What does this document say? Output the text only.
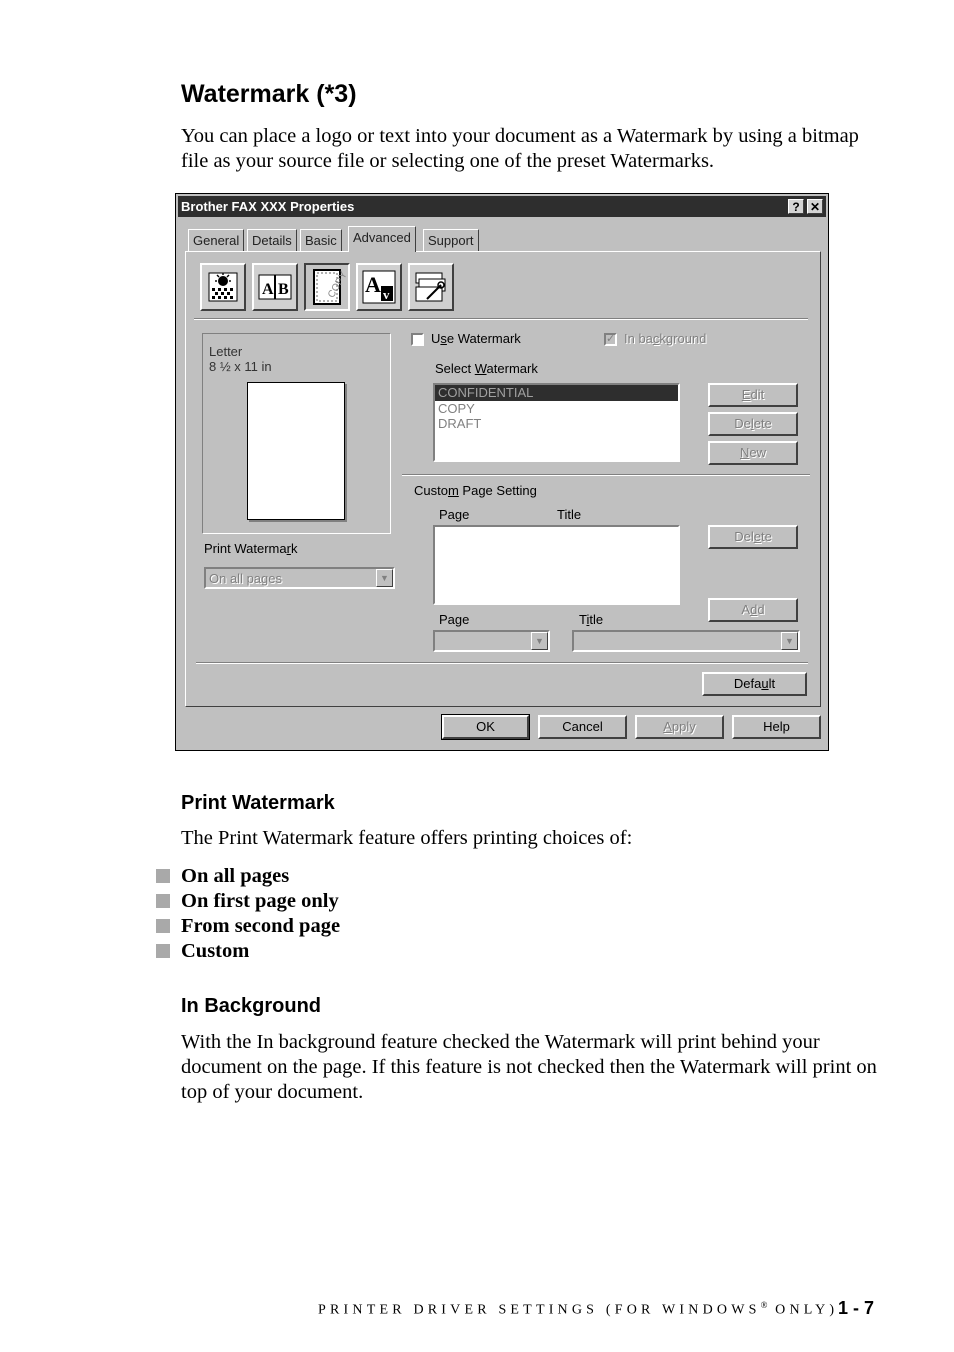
Watermark (*3)
You can place a logo or text into your document as a Watermark by using a bitmap file as your source file or selecting one of the preset Watermarks.
Brother FAX XXX Properties	? ✕
General Details	Basic	Advanced	Support
A B	COPY A v
Letter
8 ½ x 11 in
Print Watermark
On all pages	▼
Use Watermark	✓ In background
Select Watermark
CONFIDENTIAL
COPY
DRAFT
Edit
Delete
New
Custom Page Setting
Page	Title
Delete
Add
Page	Title
▼	▼
Default
OK	Cancel	Apply	Help
Print Watermark
The Print Watermark feature offers printing choices of:
On all pages
On first page only
From second page
Custom
In Background
With the In background feature checked the Watermark will print behind your document on the page. If this feature is not checked then the Watermark will print on top of your document.
PRINTER DRIVER SETTINGS (FOR WINDOWS® ONLY) 1 - 7
